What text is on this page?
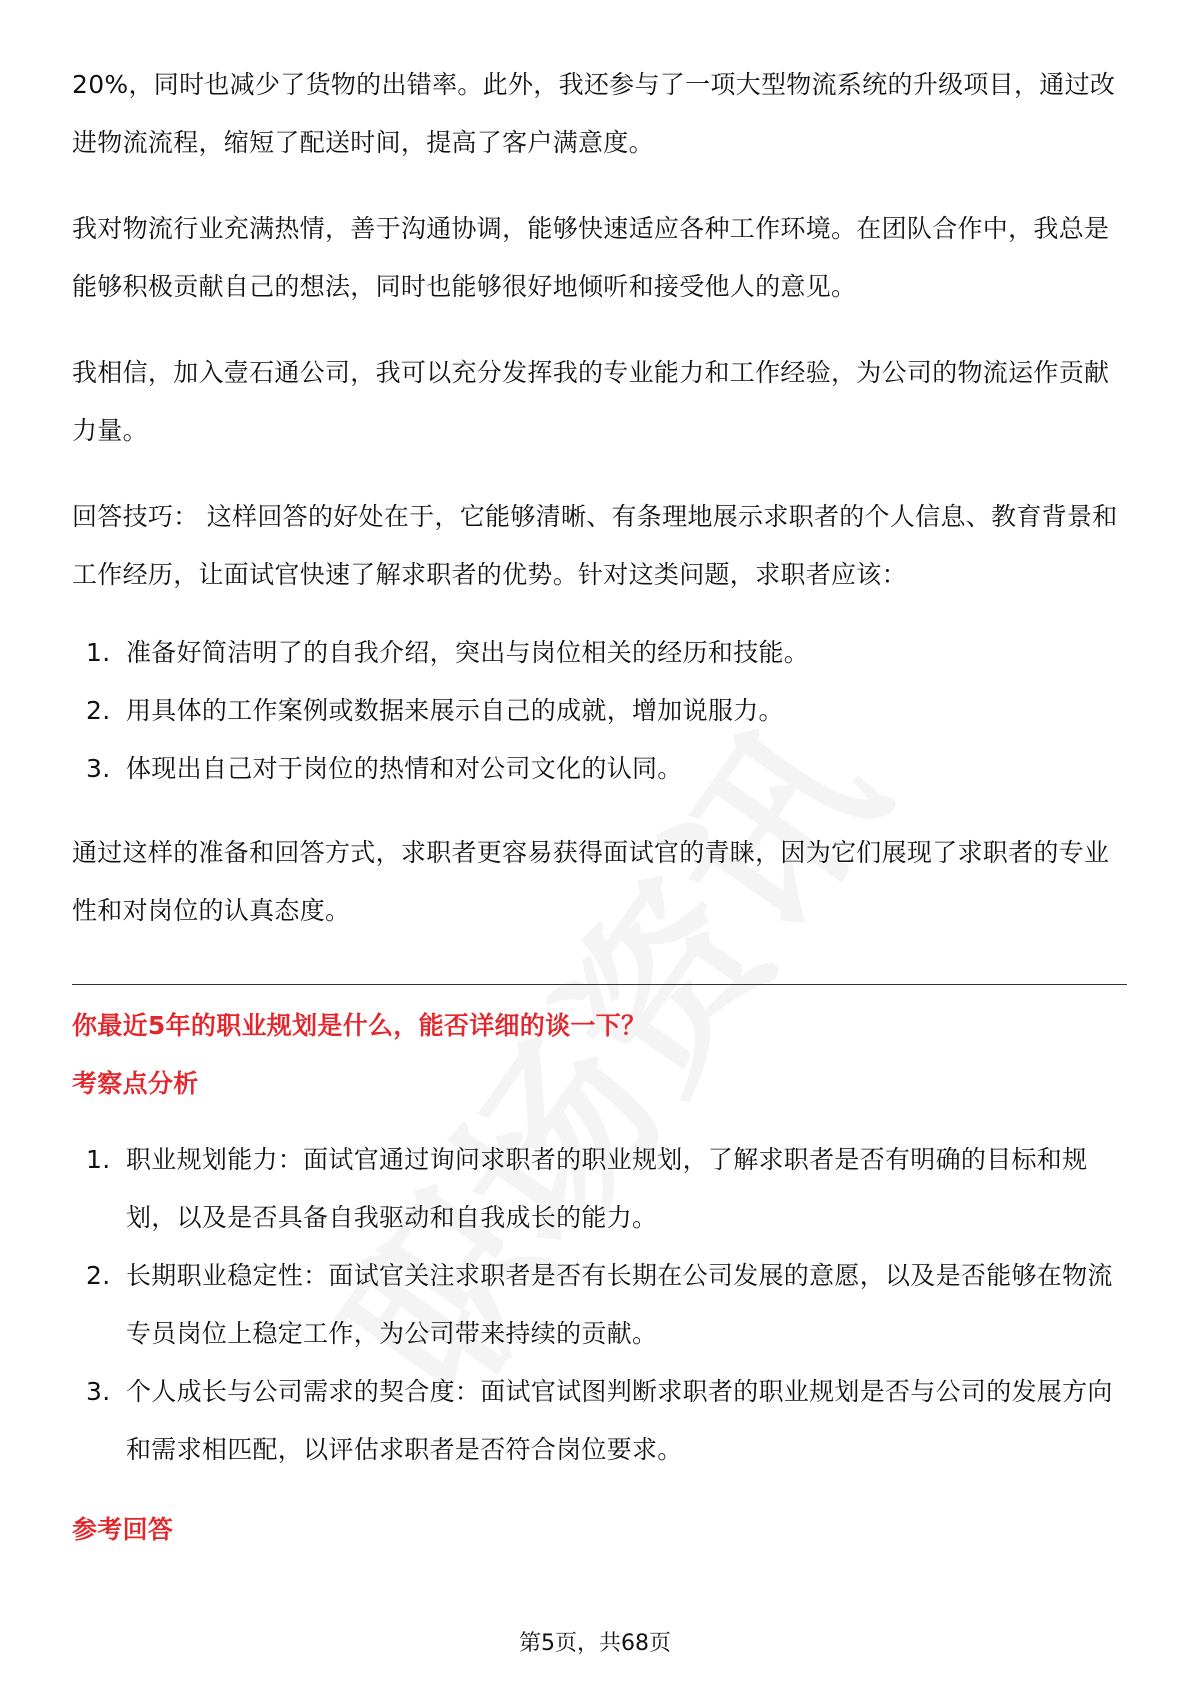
20%，同时也减少了货物的出错率。此外，我还参与了一项大型物流系统的升级项目，通过改进物流流程，缩短了配送时间，提高了客户满意度。

我对物流行业充满热情，善于沟通协调，能够快速适应各种工作环境。在团队合作中，我总是能够积极贡献自己的想法，同时也能够很好地倾听和接受他人的意见。

我相信，加入壹石通公司，我可以充分发挥我的专业能力和工作经验，为公司的物流运作贡献力量。

回答技巧： 这样回答的好处在于，它能够清晰、有条理地展示求职者的个人信息、教育背景和工作经历，让面试官快速了解求职者的优势。针对这类问题，求职者应该：

1. 准备好简洁明了的自我介绍，突出与岗位相关的经历和技能。
2. 用具体的工作案例或数据来展示自己的成就，增加说服力。
3. 体现出自己对于岗位的热情和对公司文化的认同。

通过这样的准备和回答方式，求职者更容易获得面试官的青睐，因为它们展现了求职者的专业性和对岗位的认真态度。

你最近5年的职业规划是什么，能否详细的谈一下？
考察点分析
1. 职业规划能力：面试官通过询问求职者的职业规划，了解求职者是否有明确的目标和规划，以及是否具备自我驱动和自我成长的能力。
2. 长期职业稳定性：面试官关注求职者是否有长期在公司发展的意愿，以及是否能够在物流专员岗位上稳定工作，为公司带来持续的贡献。
3. 个人成长与公司需求的契合度：面试官试图判断求职者的职业规划是否与公司的发展方向和需求相匹配，以评估求职者是否符合岗位要求。
参考回答
第5页，共68页
